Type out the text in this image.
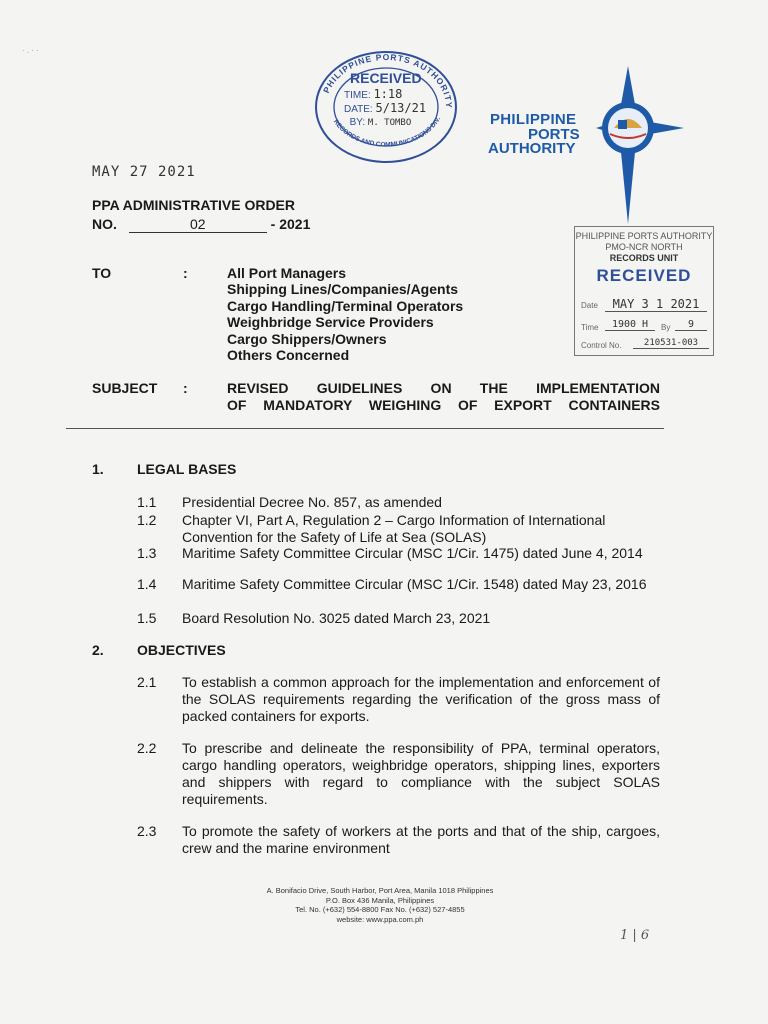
· . · ·
PHILIPPINE PORTS AUTHORITY
RECORDS AND COMMUNICATIONS DIV.
RECEIVED
TIME: 1:18
DATE: 5/13/21
BY: M. TOMBO	PHILIPPINE
PORTS
AUTHORITY
MAY 27 2021
PPA ADMINISTRATIVE ORDER
NO.	02	- 2021
PHILIPPINE PORTS AUTHORITY
PMO-NCR NORTH
RECORDS UNIT
RECEIVED
Date	MAY 3 1 2021
Time	1900 H	By	9
Control No.	210531-003
TO	:	All Port Managers
Shipping Lines/Companies/Agents
Cargo Handling/Terminal Operators
Weighbridge Service Providers
Cargo Shippers/Owners
Others Concerned
SUBJECT :	REVISED GUIDELINES ON THE IMPLEMENTATION
OF MANDATORY WEIGHING OF EXPORT CONTAINERS
1. LEGAL BASES
1.1 Presidential Decree No. 857, as amended
1.2 Chapter VI, Part A, Regulation 2 – Cargo Information of International Convention for the Safety of Life at Sea (SOLAS)
1.3 Maritime Safety Committee Circular (MSC 1/Cir. 1475) dated June 4, 2014
1.4 Maritime Safety Committee Circular (MSC 1/Cir. 1548) dated May 23, 2016
1.5 Board Resolution No. 3025 dated March 23, 2021
2. OBJECTIVES
2.1 To establish a common approach for the implementation and enforcement of the SOLAS requirements regarding the verification of the gross mass of packed containers for exports.
2.2 To prescribe and delineate the responsibility of PPA, terminal operators, cargo handling operators, weighbridge operators, shipping lines, exporters and shippers with regard to compliance with the subject SOLAS requirements.
2.3 To promote the safety of workers at the ports and that of the ship, cargoes, crew and the marine environment
A. Bonifacio Drive, South Harbor, Port Area, Manila 1018 Philippines
P.O. Box 436 Manila, Philippines
Tel. No. (+632) 554-8800 Fax No. (+632) 527-4855
website: www.ppa.com.ph
1 | 6
